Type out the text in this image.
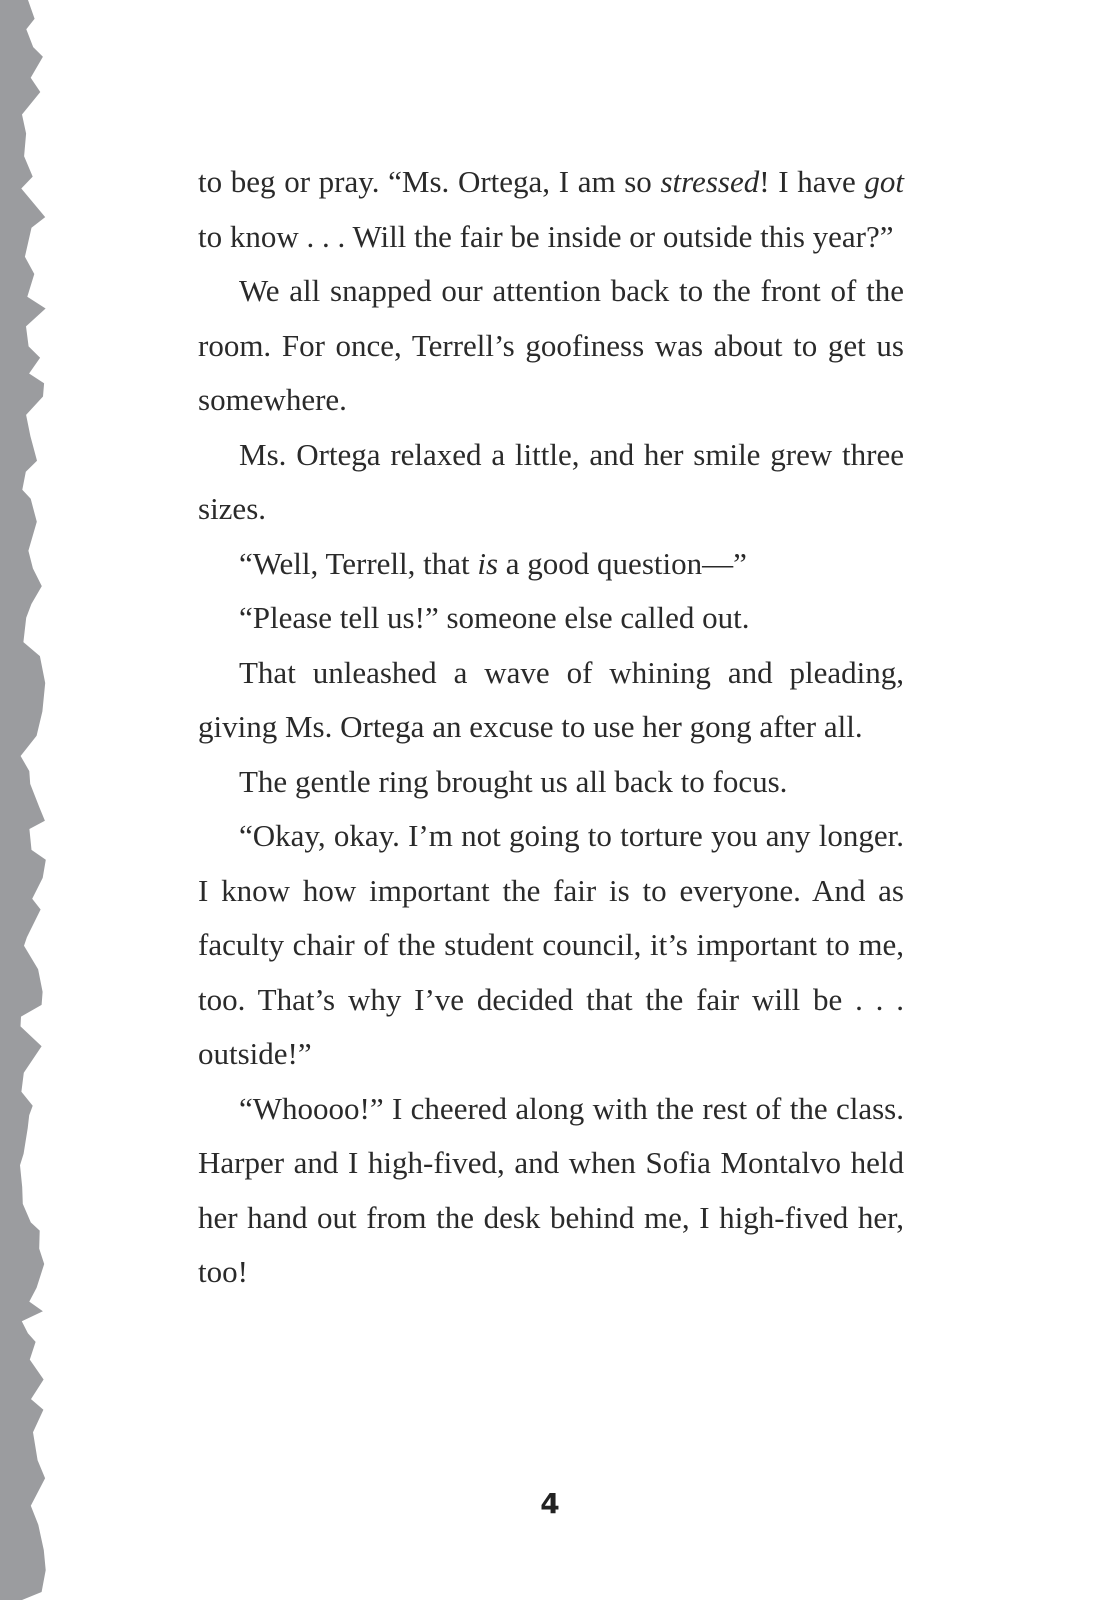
to beg or pray. “Ms. Ortega, I am so stressed! I have got to know . . . Will the fair be inside or outside this year?”

We all snapped our attention back to the front of the room. For once, Terrell’s goofiness was about to get us somewhere.

Ms. Ortega relaxed a little, and her smile grew three sizes.

“Well, Terrell, that is a good question—”

“Please tell us!” someone else called out.

That unleashed a wave of whining and pleading, giving Ms. Ortega an excuse to use her gong after all.

The gentle ring brought us all back to focus.

“Okay, okay. I’m not going to torture you any longer. I know how important the fair is to everyone. And as faculty chair of the student council, it’s important to me, too. That’s why I’ve decided that the fair will be . . . outside!”

“Whoooo!” I cheered along with the rest of the class. Harper and I high-fived, and when Sofia Montalvo held her hand out from the desk behind me, I high-fived her, too!

4
